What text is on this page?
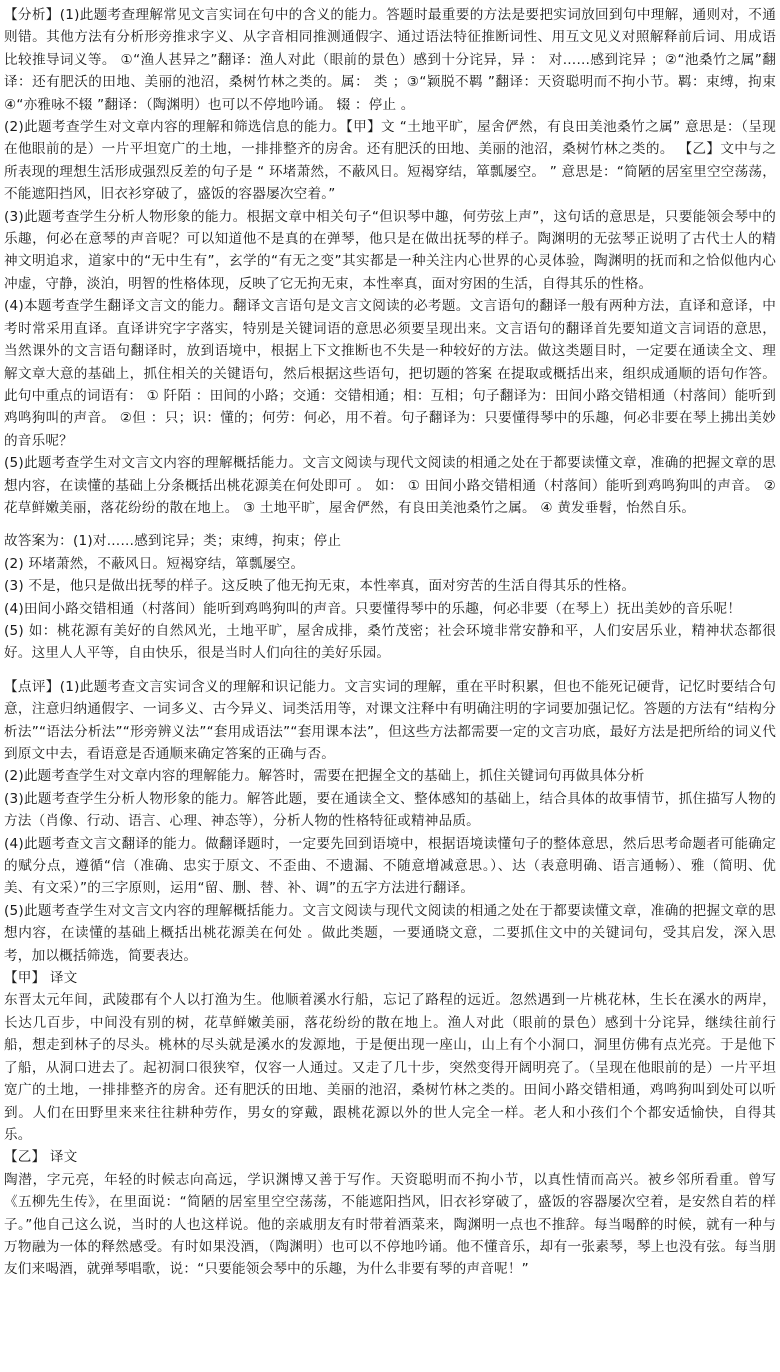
【分析】(1)此题考查理解常见文言实词在句中的含义的能力。答题时最重要的方法是要把实词放回到句中理解，通则对，不通则错。其他方法有分析形旁推求字义、从字音相同推测通假字、通过语法特征推断词性、用互文见义对照解释前后词、用成语比较推导词义等。 ①“渔人甚异之”翻译：渔人对此（眼前的景色）感到十分诧异，异 ： 对……感到诧异 ；②“池桑竹之属”翻译：还有肥沃的田地、美丽的池沼，桑树竹林之类的。属： 类 ；③“颖脱不羁 ”翻译：天资聪明而不拘小节。羁：束缚，拘束 ④“亦雅咏不辍 ”翻译：（陶渊明）也可以不停地吟诵。 辍 ：停止 。

(2)此题考查学生对文章内容的理解和筛选信息的能力。【甲】文 “土地平旷，屋舍俨然，有良田美池桑竹之属” 意思是：（呈现在他眼前的是）一片平坦宽广的土地，一排排整齐的房舍。还有肥沃的田地、美丽的池沼，桑树竹林之类的。 【乙】文中与之所表现的理想生活形成强烈反差的句子是 “ 环堵萧然，不蔽风日。短褐穿结，箪瓢屡空。 ” 意思是：“简陋的居室里空空荡荡，不能遮阳挡风，旧衣衫穿破了，盛饭的容器屡次空着。”

(3)此题考查学生分析人物形象的能力。根据文章中相关句子“但识琴中趣，何劳弦上声”，这句话的意思是，只要能领会琴中的乐趣，何必在意琴的声音呢？可以知道他不是真的在弹琴，他只是在做出抚琴的样子。陶渊明的无弦琴正说明了古代士人的精神文明追求，道家中的“无中生有”，玄学的“有无之变”其实都是一种关注内心世界的心灵体验，陶渊明的抚而和之恰似他内心冲虚，守静，淡泊，明智的性格体现，反映了它无拘无束，本性率真，面对穷困的生活，自得其乐的性格。

(4)本题考查学生翻译文言文的能力。翻译文言语句是文言文阅读的必考题。文言语句的翻译一般有两种方法，直译和意译，中考时常采用直译。直译讲究字字落实，特别是关键词语的意思必须要呈现出来。文言语句的翻译首先要知道文言词语的意思，当然课外的文言语句翻译时，放到语境中，根据上下文推断也不失是一种较好的方法。做这类题目时，一定要在通读全文、理解文章大意的基础上，抓住相关的关键语句，然后根据这些语句，把切题的答案 在提取或概括出来，组织成通顺的语句作答。此句中重点的词语有： ① 阡陌 ：田间的小路；交通：交错相通；相：互相；句子翻译为：田间小路交错相通（村落间）能听到鸡鸣狗叫的声音。 ②但 ：只；识：懂的；何劳：何必，用不着。句子翻译为：只要懂得琴中的乐趣，何必非要在琴上拂出美妙的音乐呢？

(5)此题考查学生对文言文内容的理解概括能力。文言文阅读与现代文阅读的相通之处在于都要读懂文章，准确的把握文章的思想内容，在读懂的基础上分条概括出桃花源美在何处即可 。 如： ① 田间小路交错相通（村落间）能听到鸡鸣狗叫的声音。 ②花草鲜嫩美丽，落花纷纷的散在地上。 ③ 土地平旷，屋舍俨然，有良田美池桑竹之属。 ④ 黄发垂髫，怡然自乐。

故答案为：(1)对……感到诧异；类；束缚，拘束；停止

(2) 环堵萧然，不蔽风日。短褐穿结，箪瓢屡空。

(3) 不是，他只是做出抚琴的样子。这反映了他无拘无束，本性率真，面对穷苦的生活自得其乐的性格。

(4)田间小路交错相通（村落间）能听到鸡鸣狗叫的声音。只要懂得琴中的乐趣，何必非要（在琴上）抚出美妙的音乐呢！

(5) 如：桃花源有美好的自然风光，土地平旷，屋舍成排，桑竹茂密；社会环境非常安静和平，人们安居乐业，精神状态都很好。这里人人平等，自由快乐，很是当时人们向往的美好乐园。

【点评】(1)此题考查文言实词含义的理解和识记能力。文言实词的理解，重在平时积累，但也不能死记硬背，记忆时要结合句意，注意归纳通假字、一词多义、古今异义、词类活用等，对课文注释中有明确注明的字词要加强记忆。答题的方法有“结构分析法”“语法分析法”“形旁辨义法”“套用成语法”“套用课本法”，但这些方法都需要一定的文言功底，最好方法是把所给的词义代到原文中去，看语意是否通顺来确定答案的正确与否。

(2)此题考查学生对文章内容的理解能力。解答时，需要在把握全文的基础上，抓住关键词句再做具体分析

(3)此题考查学生分析人物形象的能力。解答此题，要在通读全文、整体感知的基础上，结合具体的故事情节，抓住描写人物的方法（肖像、行动、语言、心理、神态等），分析人物的性格特征或精神品质。

(4)此题考查文言文翻译的能力。做翻译题时，一定要先回到语境中，根据语境读懂句子的整体意思，然后思考命题者可能确定的赋分点，遵循“信（准确、忠实于原文、不歪曲、不遗漏、不随意增减意思。）、达（表意明确、语言通畅）、雅（简明、优美、有文采）”的三字原则，运用“留、删、替、补、调”的五字方法进行翻译。

(5)此题考查学生对文言文内容的理解概括能力。文言文阅读与现代文阅读的相通之处在于都要读懂文章，准确的把握文章的思想内容，在读懂的基础上概括出桃花源美在何处 。做此类题，一要通晓文意，二要抓住文中的关键词句，受其启发，深入思考，加以概括筛选，简要表达。

【甲】 译文

东晋太元年间，武陵郡有个人以打渔为生。他顺着溪水行船，忘记了路程的远近。忽然遇到一片桃花林，生长在溪水的两岸，长达几百步，中间没有别的树，花草鲜嫩美丽，落花纷纷的散在地上。渔人对此（眼前的景色）感到十分诧异，继续往前行船，想走到林子的尽头。桃林的尽头就是溪水的发源地，于是便出现一座山，山上有个小洞口，洞里仿佛有点光亮。于是他下了船，从洞口进去了。起初洞口很狭窄，仅容一人通过。又走了几十步，突然变得开阔明亮了。（呈现在他眼前的是）一片平坦宽广的土地，一排排整齐的房舍。还有肥沃的田地、美丽的池沼，桑树竹林之类的。田间小路交错相通，鸡鸣狗叫到处可以听到。人们在田野里来来往往耕种劳作，男女的穿戴，跟桃花源以外的世人完全一样。老人和小孩们个个都安适愉快，自得其乐。

【乙】 译文

陶潜，字元亮，年轻的时候志向高远，学识渊博又善于写作。天资聪明而不拘小节，以真性情而高兴。被乡邻所看重。曾写《五柳先生传》，在里面说：“简陋的居室里空空荡荡，不能遮阳挡风，旧衣衫穿破了，盛饭的容器屡次空着，是安然自若的样子。”他自己这么说，当时的人也这样说。他的亲戚朋友有时带着酒菜来，陶渊明一点也不推辞。每当喝醉的时候，就有一种与万物融为一体的释然感受。有时如果没酒，（陶渊明）也可以不停地吟诵。他不懂音乐，却有一张素琴，琴上也没有弦。每当朋友们来喝酒，就弹琴唱歌，说：“只要能领会琴中的乐趣，为什么非要有琴的声音呢！”
